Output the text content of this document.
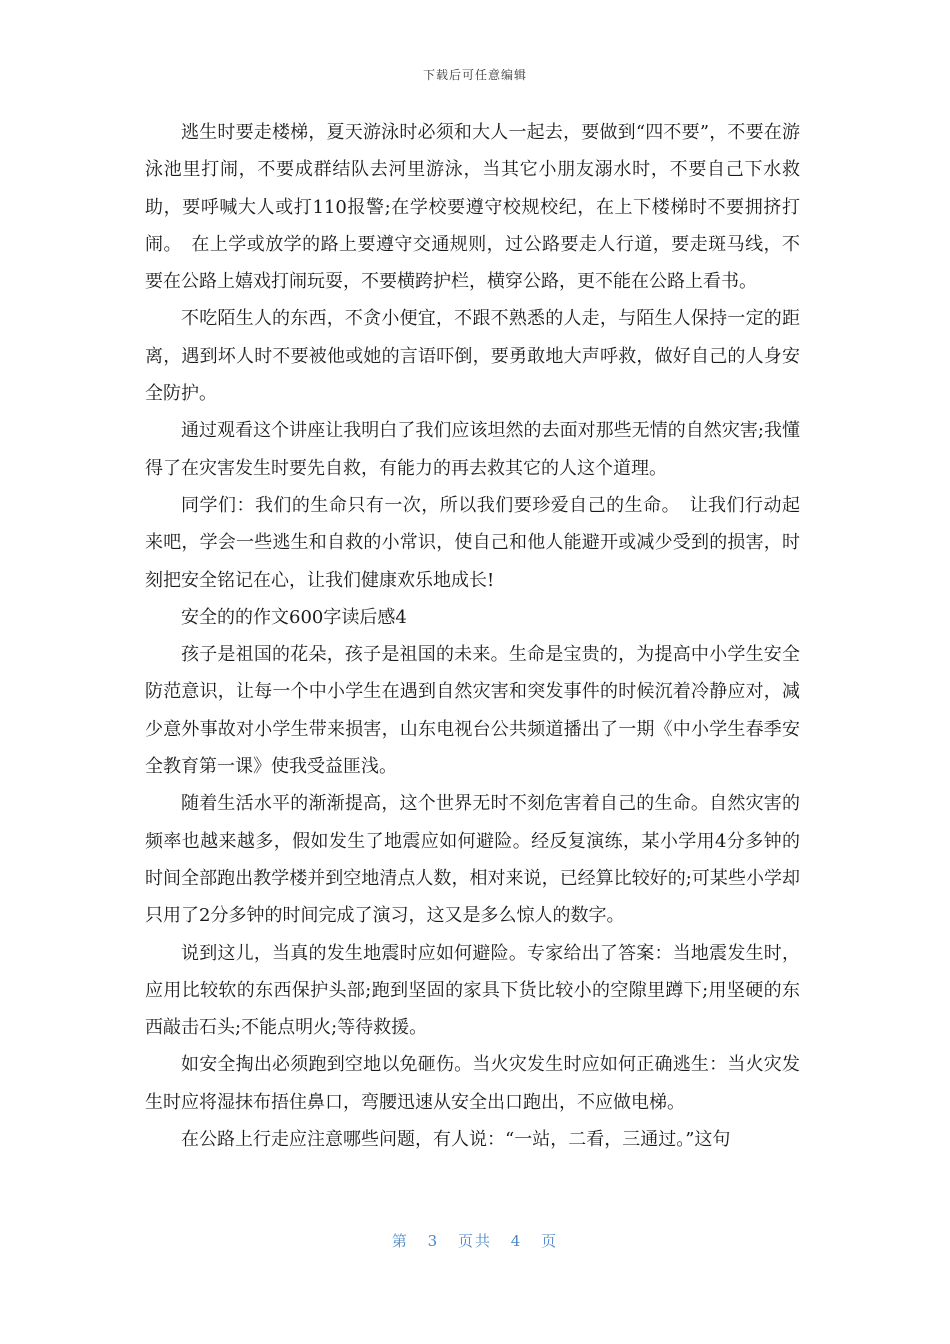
下载后可任意编辑

逃生时要走楼梯，夏天游泳时必须和大人一起去，要做到“四不要”，不要在游泳池里打闹，不要成群结队去河里游泳，当其它小朋友溺水时，不要自己下水救助，要呼喊大人或打110报警;在学校要遵守校规校纪，在上下楼梯时不要拥挤打闹。　在上学或放学的路上要遵守交通规则，过公路要走人行道，要走斑马线，不要在公路上嬉戏打闹玩耍，不要横跨护栏，横穿公路，更不能在公路上看书。

不吃陌生人的东西，不贪小便宜，不跟不熟悉的人走，与陌生人保持一定的距离，遇到坏人时不要被他或她的言语吓倒，要勇敢地大声呼救，做好自己的人身安全防护。

通过观看这个讲座让我明白了我们应该坦然的去面对那些无情的自然灾害;我懂得了在灾害发生时要先自救，有能力的再去救其它的人这个道理。

同学们：我们的生命只有一次，所以我们要珍爱自己的生命。　让我们行动起来吧，学会一些逃生和自救的小常识，使自己和他人能避开或减少受到的损害，时刻把安全铭记在心，让我们健康欢乐地成长!

安全的的作文600字读后感4

孩子是祖国的花朵，孩子是祖国的未来。生命是宝贵的，为提高中小学生安全防范意识，让每一个中小学生在遇到自然灾害和突发事件的时候沉着冷静应对，减少意外事故对小学生带来损害，山东电视台公共频道播出了一期《中小学生春季安全教育第一课》使我受益匪浅。

随着生活水平的渐渐提高，这个世界无时不刻危害着自己的生命。自然灾害的频率也越来越多，假如发生了地震应如何避险。经反复演练，某小学用4分多钟的时间全部跑出教学楼并到空地清点人数，相对来说，已经算比较好的;可某些小学却只用了2分多钟的时间完成了演习，这又是多么惊人的数字。

说到这儿，当真的发生地震时应如何避险。专家给出了答案：当地震发生时，应用比较软的东西保护头部;跑到坚固的家具下货比较小的空隙里蹲下;用坚硬的东西敲击石头;不能点明火;等待救援。

如安全掏出必须跑到空地以免砸伤。当火灾发生时应如何正确逃生：当火灾发生时应将湿抹布捂住鼻口，弯腰迅速从安全出口跑出，不应做电梯。

在公路上行走应注意哪些问题，有人说：“一站，二看，三通过。”这句

第 3 页共 4 页
